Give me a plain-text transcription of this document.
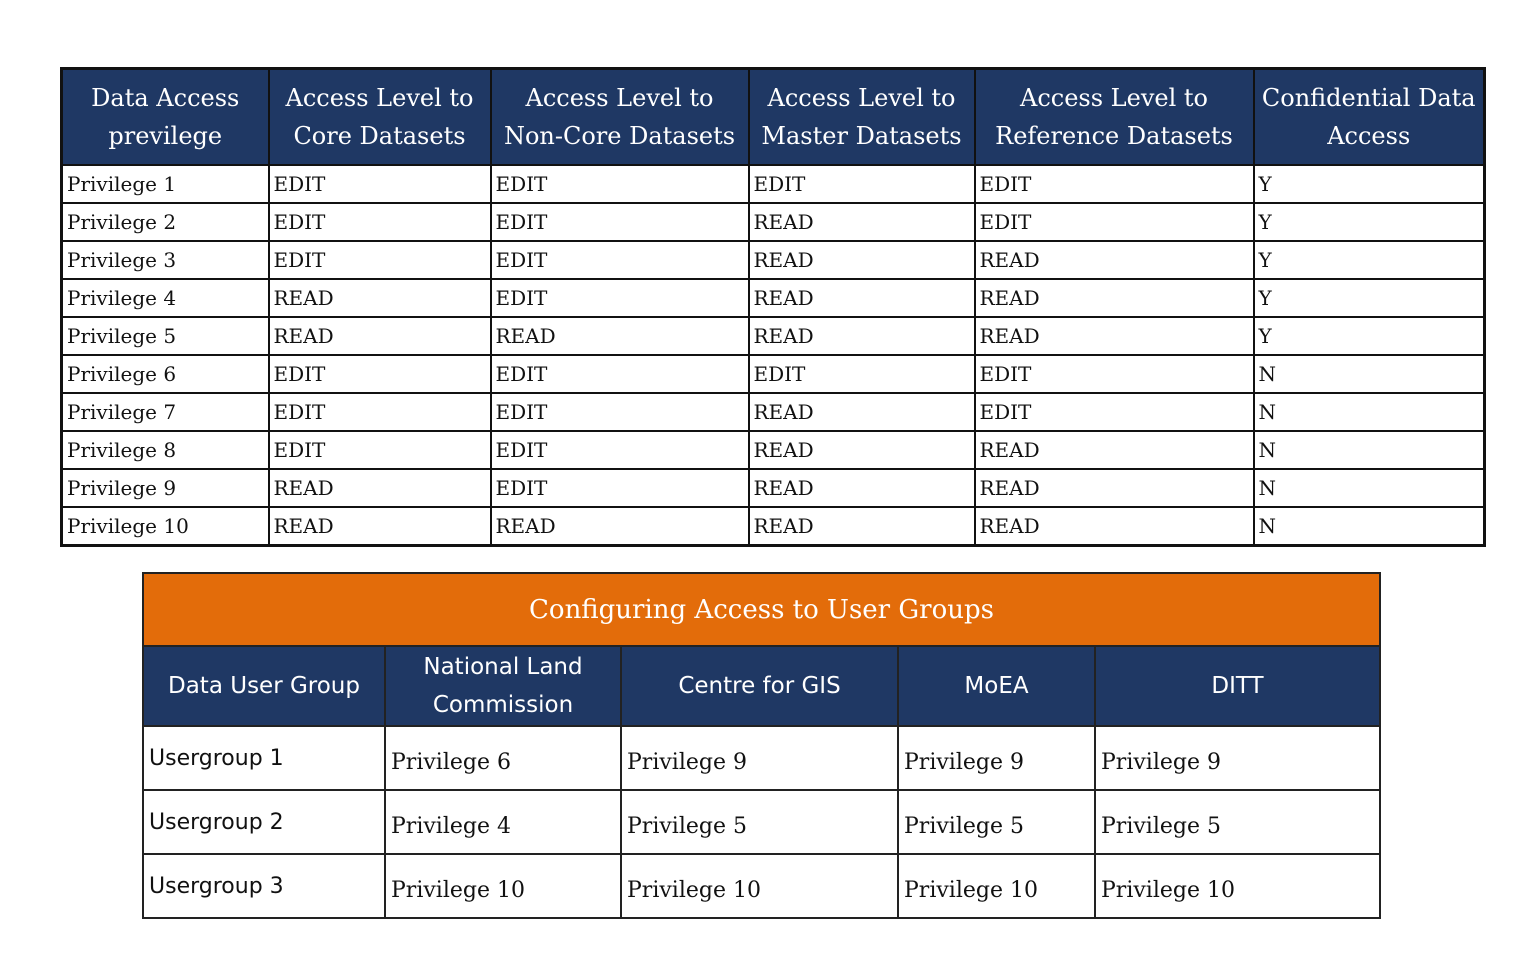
Data Access previlege	Access Level to Core Datasets	Access Level to Non-Core Datasets	Access Level to Master Datasets	Access Level to Reference Datasets	Confidential Data Access
Privilege 1	EDIT	EDIT	EDIT	EDIT	Y
Privilege 2	EDIT	EDIT	READ	EDIT	Y
Privilege 3	EDIT	EDIT	READ	READ	Y
Privilege 4	READ	EDIT	READ	READ	Y
Privilege 5	READ	READ	READ	READ	Y
Privilege 6	EDIT	EDIT	EDIT	EDIT	N
Privilege 7	EDIT	EDIT	READ	EDIT	N
Privilege 8	EDIT	EDIT	READ	READ	N
Privilege 9	READ	EDIT	READ	READ	N
Privilege 10	READ	READ	READ	READ	N
Configuring Access to User Groups				
Data User Group	National Land Commission	Centre for GIS	MoEA	DITT
Usergroup 1	Privilege 6	Privilege 9	Privilege 9	Privilege 9
Usergroup 2	Privilege 4	Privilege 5	Privilege 5	Privilege 5
Usergroup 3	Privilege 10	Privilege 10	Privilege 10	Privilege 10
